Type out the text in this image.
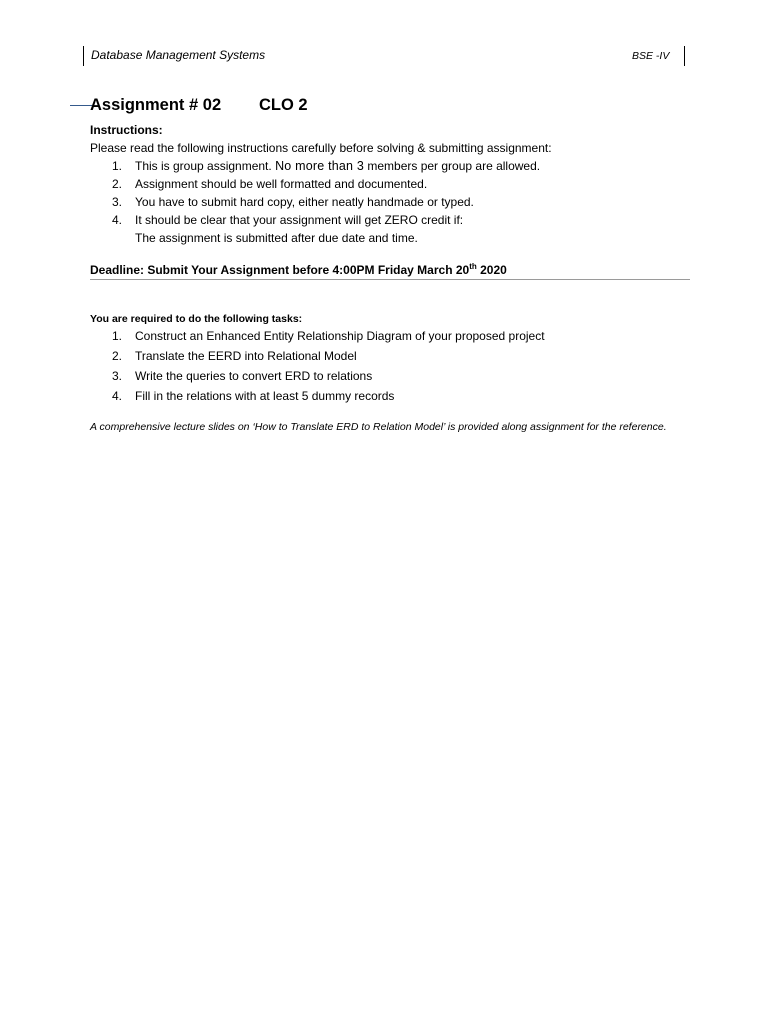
Database Management Systems	BSE -IV
Assignment # 02 CLO 2
Instructions:
Please read the following instructions carefully before solving & submitting assignment:
1. This is group assignment. No more than 3 members per group are allowed.
2. Assignment should be well formatted and documented.
3. You have to submit hard copy, either neatly handmade or typed.
4. It should be clear that your assignment will get ZERO credit if:
The assignment is submitted after due date and time.
Deadline: Submit Your Assignment before 4:00PM Friday March 20th 2020
You are required to do the following tasks:
1. Construct an Enhanced Entity Relationship Diagram of your proposed project
2. Translate the EERD into Relational Model
3. Write the queries to convert ERD to relations
4. Fill in the relations with at least 5 dummy records
A comprehensive lecture slides on ‘How to Translate ERD to Relation Model’ is provided along assignment for the reference.
